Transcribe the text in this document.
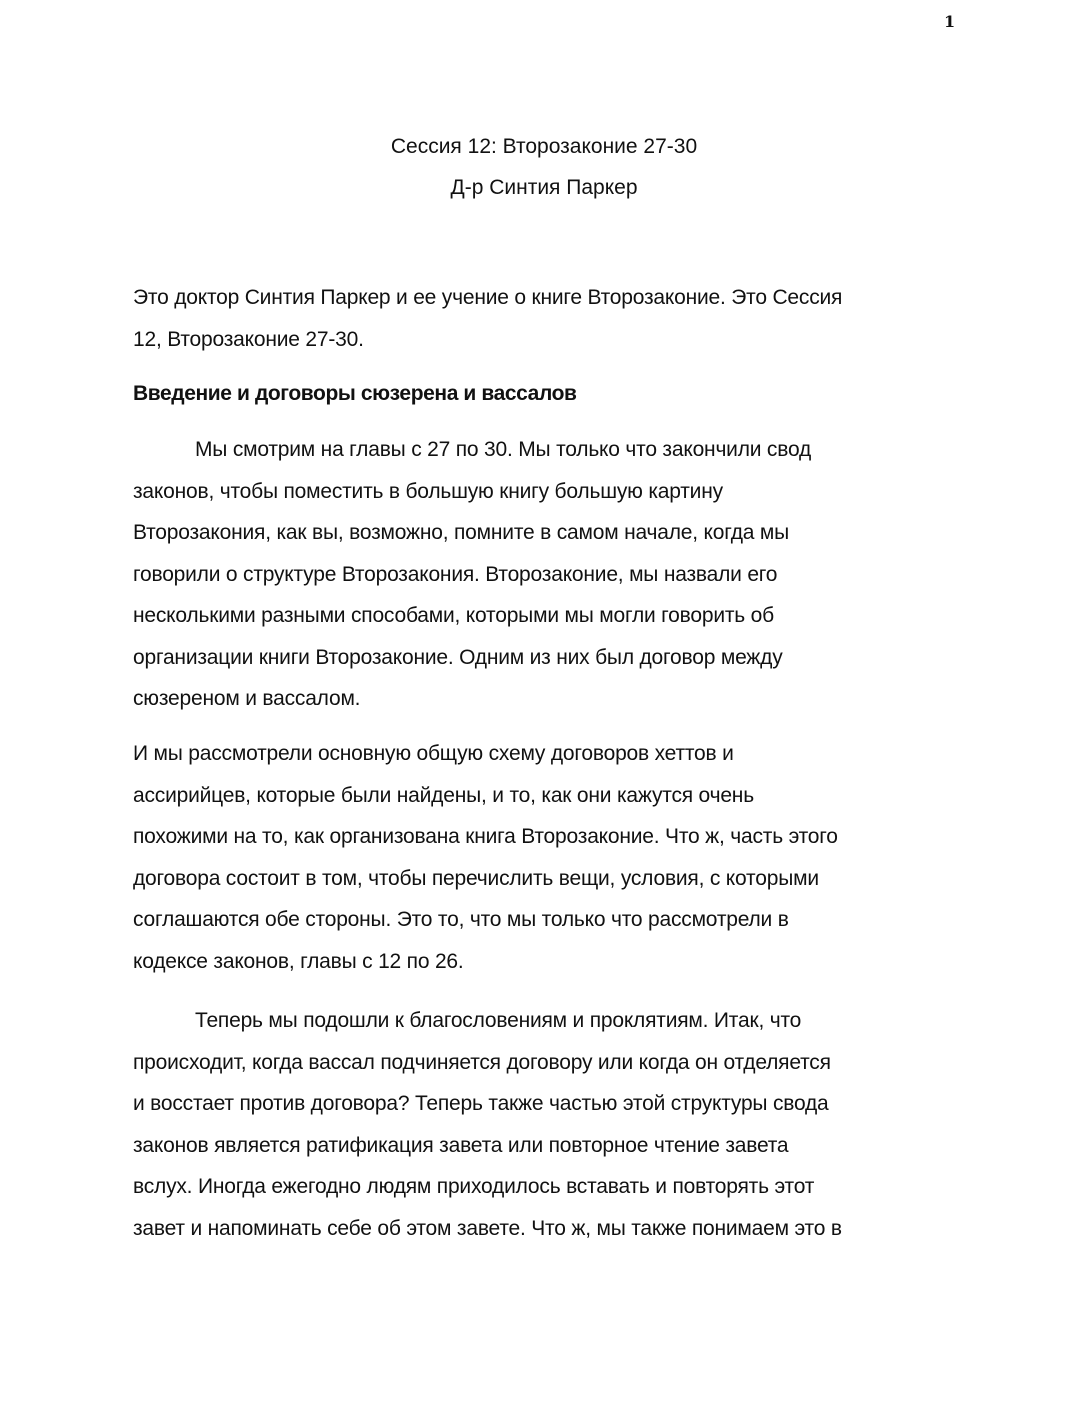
1
Сессия 12: Второзаконие 27-30
Д-р Синтия Паркер
Это доктор Синтия Паркер и ее учение о книге Второзаконие. Это Сессия
12, Второзаконие 27-30.
Введение и договоры сюзерена и вассалов
Мы смотрим на главы с 27 по 30. Мы только что закончили свод
законов, чтобы поместить в большую книгу большую картину
Второзакония, как вы, возможно, помните в самом начале, когда мы
говорили о структуре Второзакония. Второзаконие, мы назвали его
несколькими разными способами, которыми мы могли говорить об
организации книги Второзаконие. Одним из них был договор между
сюзереном и вассалом.
И мы рассмотрели основную общую схему договоров хеттов и
ассирийцев, которые были найдены, и то, как они кажутся очень
похожими на то, как организована книга Второзаконие. Что ж, часть этого
договора состоит в том, чтобы перечислить вещи, условия, с которыми
соглашаются обе стороны. Это то, что мы только что рассмотрели в
кодексе законов, главы с 12 по 26.
Теперь мы подошли к благословениям и проклятиям. Итак, что
происходит, когда вассал подчиняется договору или когда он отделяется
и восстает против договора? Теперь также частью этой структуры свода
законов является ратификация завета или повторное чтение завета
вслух. Иногда ежегодно людям приходилось вставать и повторять этот
завет и напоминать себе об этом завете. Что ж, мы также понимаем это в
